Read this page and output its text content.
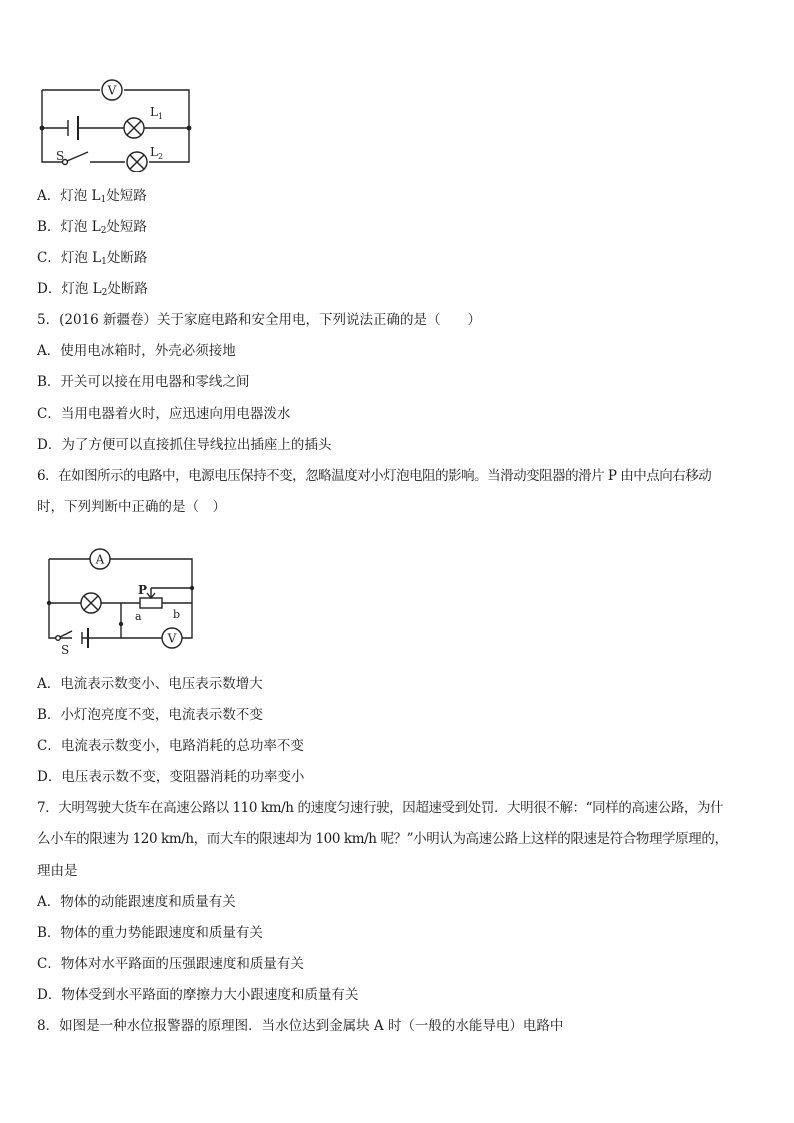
V
$L_1$
$L_2$
S
A．灯泡 $L_1$处短路
B．灯泡 $L_2$处短路
C．灯泡 $L_1$处断路
D．灯泡 $L_2$处断路
5．(2016 新疆卷）关于家庭电路和安全用电，下列说法正确的是（　　）
A．使用电冰箱时，外壳必须接地
B．开关可以接在用电器和零线之间
C．当用电器着火时，应迅速向用电器泼水
D．为了方便可以直接抓住导线拉出插座上的插头
6．在如图所示的电路中，电源电压保持不变，忽略温度对小灯泡电阻的影响。当滑动变阻器的滑片 P 由中点向右移动
时，下列判断中正确的是（　）
A
V
P
a	b
S
A．电流表示数变小、电压表示数增大
B．小灯泡亮度不变，电流表示数不变
C．电流表示数变小，电路消耗的总功率不变
D．电压表示数不变，变阻器消耗的功率变小
7．大明驾驶大货车在高速公路以 110 km/h 的速度匀速行驶，因超速受到处罚．大明很不解：“同样的高速公路，为什
么小车的限速为 120 km/h，而大车的限速却为 100 km/h 呢？”小明认为高速公路上这样的限速是符合物理学原理的，
理由是
A．物体的动能跟速度和质量有关
B．物体的重力势能跟速度和质量有关
C．物体对水平路面的压强跟速度和质量有关
D．物体受到水平路面的摩擦力大小跟速度和质量有关
8．如图是一种水位报警器的原理图．当水位达到金属块 A 时（一般的水能导电）电路中
